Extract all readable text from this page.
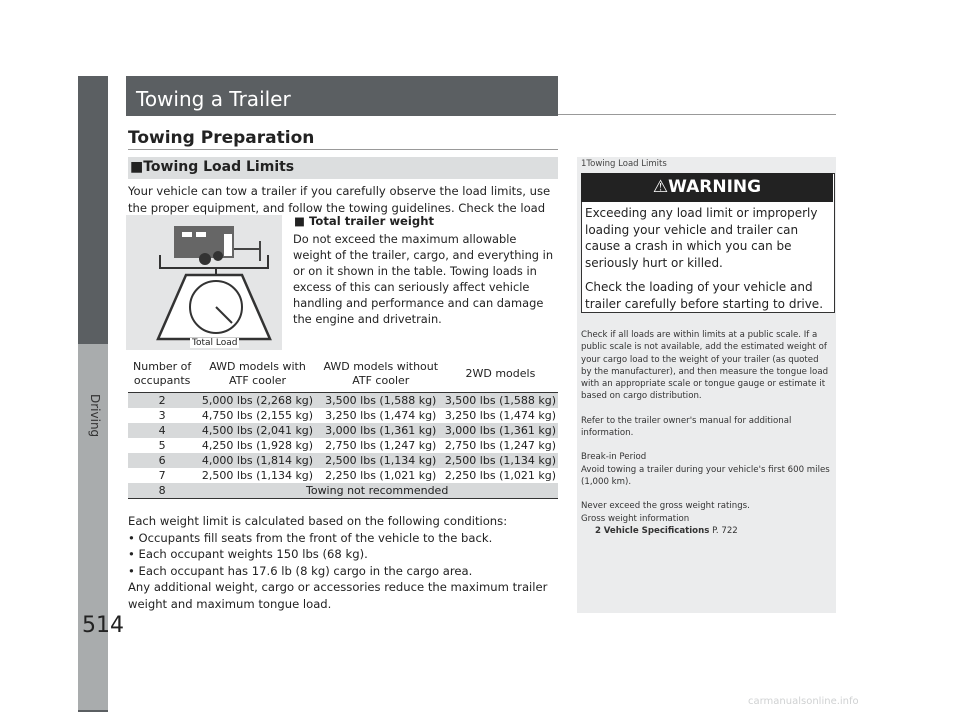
Driving
514
Towing a Trailer
Towing Preparation
■Towing Load Limits
Your vehicle can tow a trailer if you carefully observe the load limits, use the proper equipment, and follow the towing guidelines. Check the load
Total Load
■ Total trailer weight
Do not exceed the maximum allowable weight of the trailer, cargo, and everything in or on it shown in the table. Towing loads in excess of this can seriously affect vehicle handling and performance and can damage the engine and drivetrain.
Number of occupants	AWD models with ATF cooler	AWD models without ATF cooler	2WD models
2	5,000 lbs (2,268 kg)	3,500 lbs (1,588 kg)	3,500 lbs (1,588 kg)
3	4,750 lbs (2,155 kg)	3,250 lbs (1,474 kg)	3,250 lbs (1,474 kg)
4	4,500 lbs (2,041 kg)	3,000 lbs (1,361 kg)	3,000 lbs (1,361 kg)
5	4,250 lbs (1,928 kg)	2,750 lbs (1,247 kg)	2,750 lbs (1,247 kg)
6	4,000 lbs (1,814 kg)	2,500 lbs (1,134 kg)	2,500 lbs (1,134 kg)
7	2,500 lbs (1,134 kg)	2,250 lbs (1,021 kg)	2,250 lbs (1,021 kg)
8	Towing not recommended		
Each weight limit is calculated based on the following conditions:
• Occupants fill seats from the front of the vehicle to the back.
• Each occupant weights 150 lbs (68 kg).
• Each occupant has 17.6 lb (8 kg) cargo in the cargo area.
Any additional weight, cargo or accessories reduce the maximum trailer weight and maximum tongue load.
1Towing Load Limits
⚠WARNING

Exceeding any load limit or improperly loading your vehicle and trailer can cause a crash in which you can be seriously hurt or killed.

Check the loading of your vehicle and trailer carefully before starting to drive.

Check if all loads are within limits at a public scale. If a public scale is not available, add the estimated weight of your cargo load to the weight of your trailer (as quoted by the manufacturer), and then measure the tongue load with an appropriate scale or tongue gauge or estimate it based on cargo distribution.

Refer to the trailer owner's manual for additional information.

Break-in Period
Avoid towing a trailer during your vehicle's first 600 miles (1,000 km).

Never exceed the gross weight ratings.
Gross weight information
2 Vehicle Specifications P. 722

carmanualsonline.info
